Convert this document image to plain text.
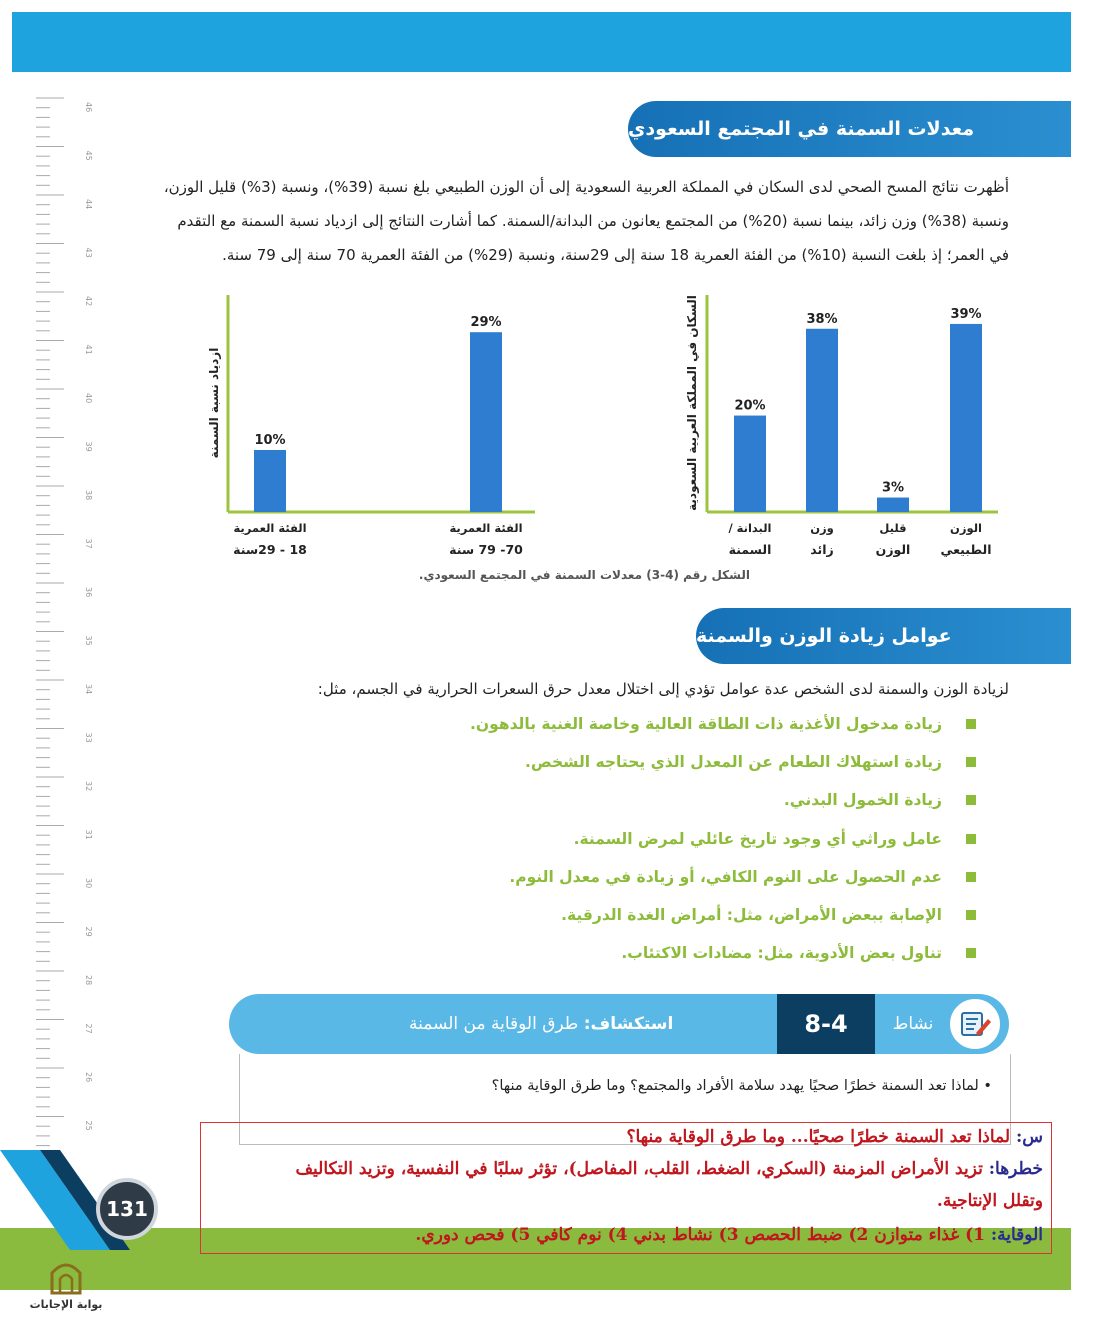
46
45
44
43
42
41
40
39
38
37
36
35
34
33
32
31
30
29
28
27
26
25
معدلات السمنة في المجتمع السعودي
أظهرت نتائج المسح الصحي لدى السكان في المملكة العربية السعودية إلى أن الوزن الطبيعي بلغ نسبة (39%)، ونسبة (3%) قليل الوزن،
ونسبة (38%) وزن زائد، بينما نسبة (20%) من المجتمع يعانون من البدانة/السمنة. كما أشارت النتائج إلى ازدياد نسبة السمنة مع التقدم
في العمر؛ إذ بلغت النسبة (10%) من الفئة العمرية 18 سنة إلى 29سنة، ونسبة (29%) من الفئة العمرية 70 سنة إلى 79 سنة.
السكان في المملكة العربية السعودية	39%
الوزن
الطبيعي
3%
قليل
الوزن
38%
وزن
زائد
20%
البدانة /
السمنة
ازدياد نسبة السمنة
29%
الفئة العمرية
70- 79 سنة
10%
الفئة العمرية
18 - 29سنة
الشكل رقم (4-3) معدلات السمنة في المجتمع السعودي.
عوامل زيادة الوزن والسمنة
لزيادة الوزن والسمنة لدى الشخص عدة عوامل تؤدي إلى اختلال معدل حرق السعرات الحرارية في الجسم، مثل:
زيادة مدخول الأغذية ذات الطاقة العالية وخاصة الغنية بالدهون.
زيادة استهلاك الطعام عن المعدل الذي يحتاجه الشخص.
زيادة الخمول البدني.
عامل وراثي أي وجود تاريخ عائلي لمرض السمنة.
عدم الحصول على النوم الكافي، أو زيادة في معدل النوم.
الإصابة ببعض الأمراض، مثل: أمراض الغدة الدرقية.
تناول بعض الأدوية، مثل: مضادات الاكتئاب.
استكشاف:

طرق الوقاية من السمنة	8-4	نشاط
• لماذا تعد السمنة خطرًا صحيًا يهدد سلامة الأفراد والمجتمع؟ وما طرق الوقاية منها؟
131
س: لماذا تعد السمنة خطرًا صحيًا... وما طرق الوقاية منها؟
خطرها: تزيد الأمراض المزمنة (السكري، الضغط، القلب، المفاصل)، تؤثر سلبًا في النفسية، وتزيد التكاليف
وتقلل الإنتاجية.
الوقاية: 1) غذاء متوازن 2) ضبط الحصص 3) نشاط بدني 4) نوم كافي 5) فحص دوري.
بوابة الإجابات
